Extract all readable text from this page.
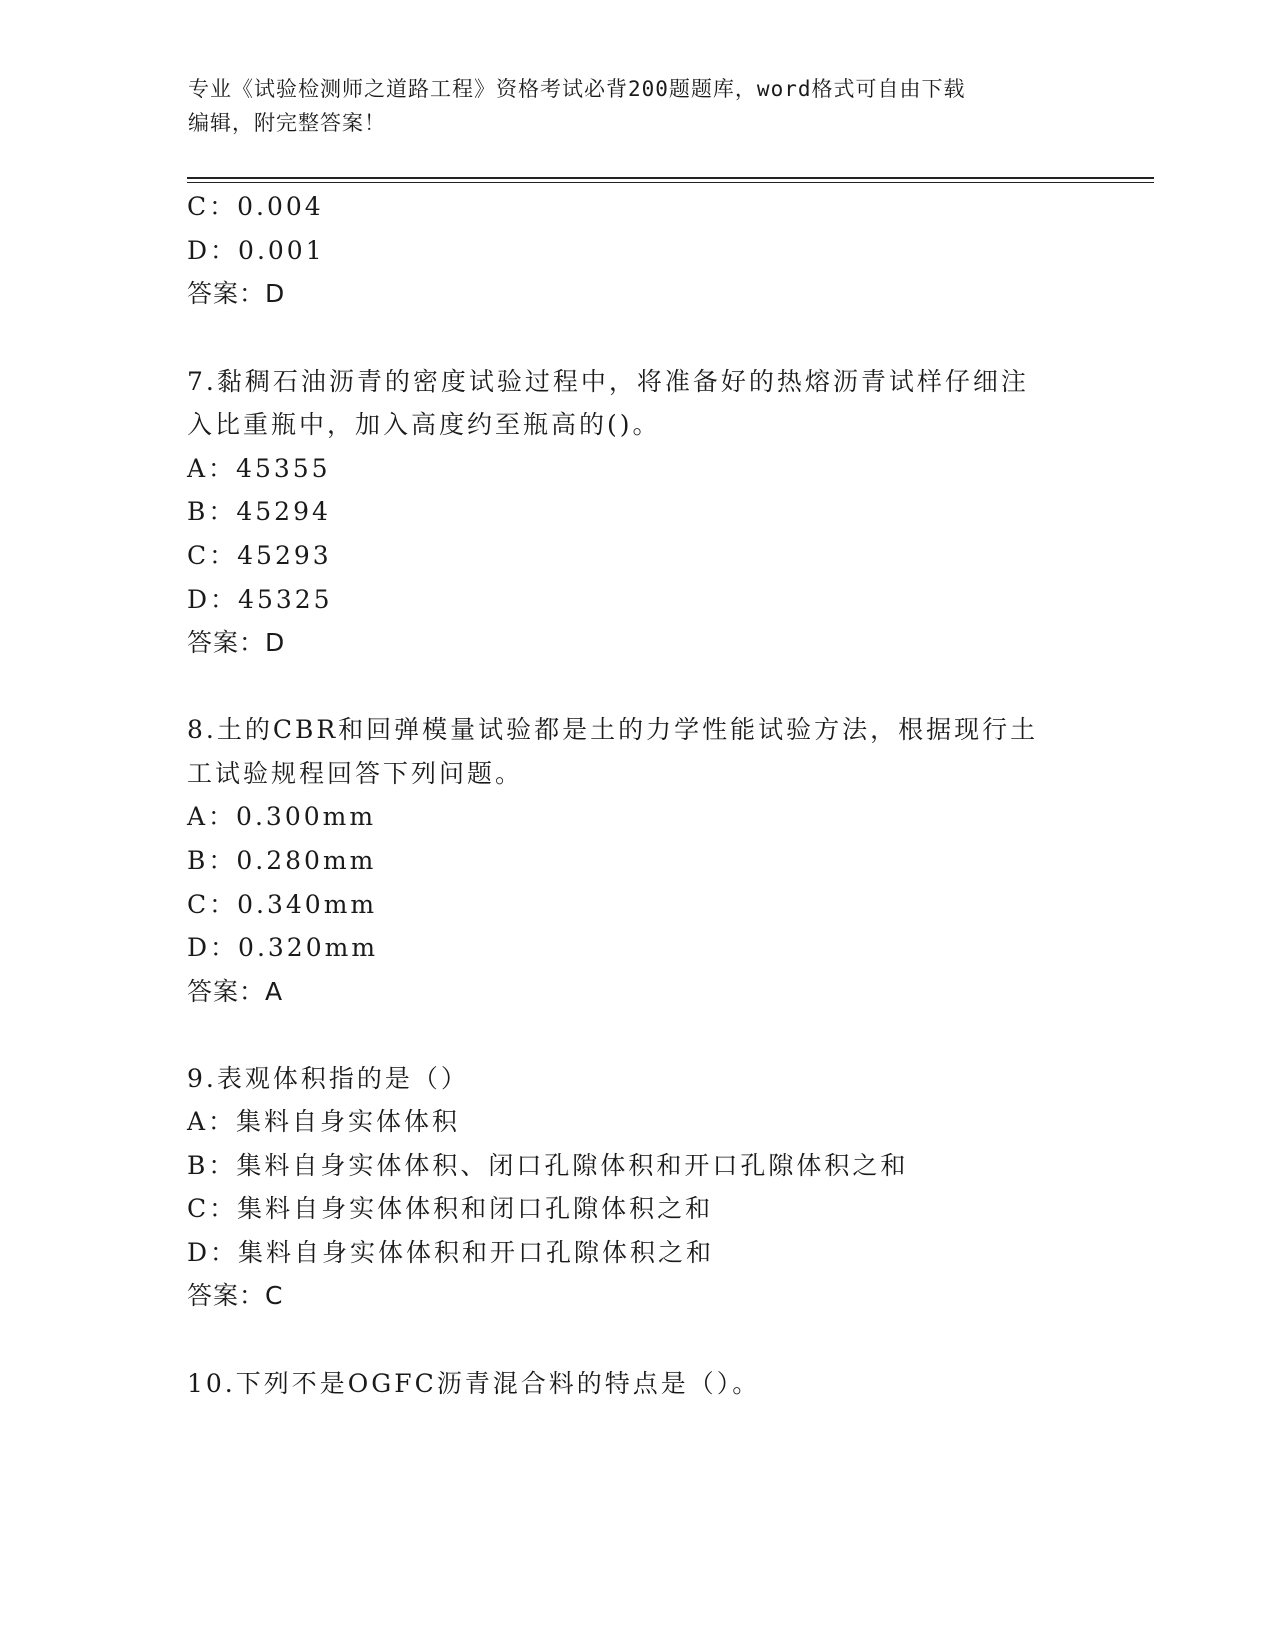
专业《试验检测师之道路工程》资格考试必背200题题库，word格式可自由下载
编辑，附完整答案！
C：0.004
D：0.001
答案：D
7.黏稠石油沥青的密度试验过程中，将准备好的热熔沥青试样仔细注
入比重瓶中，加入高度约至瓶高的()。
A：45355
B：45294
C：45293
D：45325
答案：D
8.土的CBR和回弹模量试验都是土的力学性能试验方法，根据现行土
工试验规程回答下列问题。
A：0.300mm
B：0.280mm
C：0.340mm
D：0.320mm
答案：A
9.表观体积指的是（）
A：集料自身实体体积
B：集料自身实体体积、闭口孔隙体积和开口孔隙体积之和
C：集料自身实体体积和闭口孔隙体积之和
D：集料自身实体体积和开口孔隙体积之和
答案：C
10.下列不是OGFC沥青混合料的特点是（）。
